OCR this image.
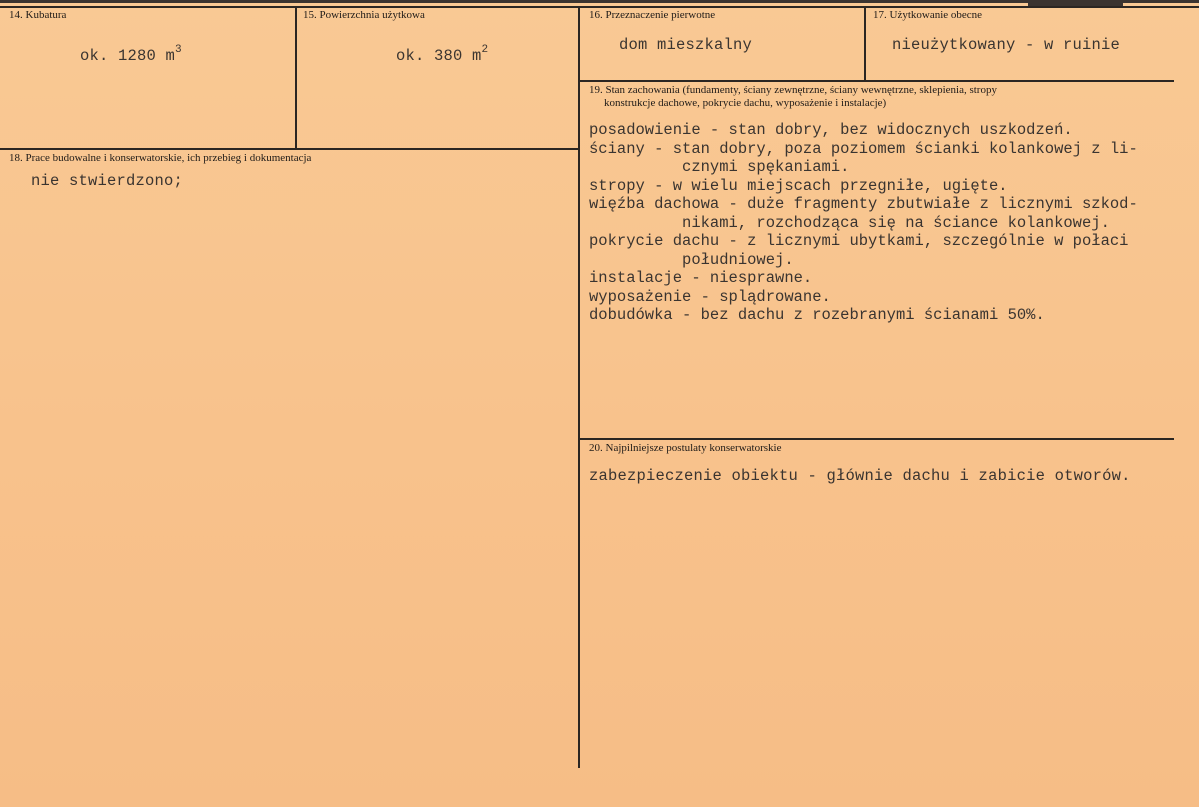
14. Kubatura
ok. 1280 $m^3$
15. Powierzchnia użytkowa
ok. 380 $m^2$
16. Przeznaczenie pierwotne
dom mieszkalny
17. Użytkowanie obecne
nieużytkowany - w ruinie
18. Prace budowalne i konserwatorskie, ich przebieg i dokumentacja
nie stwierdzono;
19. Stan zachowania (fundamenty, ściany zewnętrzne, ściany wewnętrzne, sklepienia, stropy
konstrukcje dachowe, pokrycie dachu, wyposażenie i instalacje)
posadowienie - stan dobry, bez widocznych uszkodzeń.
ściany - stan dobry, poza poziomem ścianki kolankowej z li-
cznymi spękaniami.
stropy - w wielu miejscach przegniłe, ugięte.
więźba dachowa - duże fragmenty zbutwiałe z licznymi szkod-
nikami, rozchodząca się na ściance kolankowej.
pokrycie dachu - z licznymi ubytkami, szczególnie w połaci
południowej.
instalacje - niesprawne.
wyposażenie - splądrowane.
dobudówka - bez dachu z rozebranymi ścianami 50%.
20. Najpilniejsze postulaty konserwatorskie
zabezpieczenie obiektu - głównie dachu i zabicie otworów.
